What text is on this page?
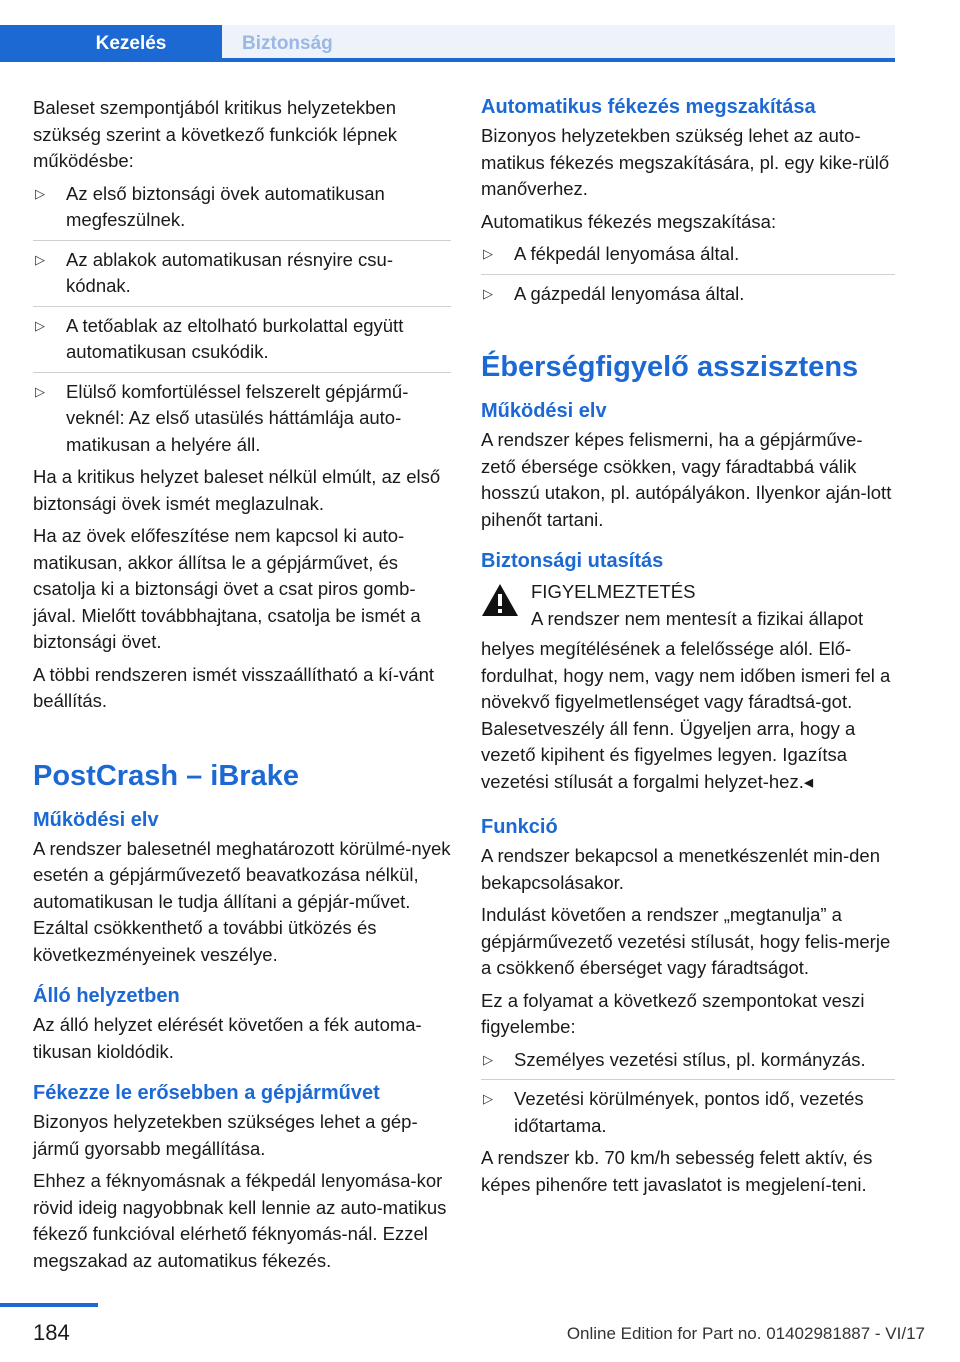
Kezelés	Biztonság

Baleset szempontjából kritikus helyzetekben szükség szerint a következő funkciók lépnek működésbe:

▷ Az első biztonsági övek automatikusan megfeszülnek.
▷ Az ablakok automatikusan résnyire csu‐kódnak.
▷ A tetőablak az eltolható burkolattal együtt automatikusan csukódik.
▷ Elülső komfortüléssel felszerelt gépjármű‐veknél: Az első utasülés háttámlája auto‐matikusan a helyére áll.

Ha a kritikus helyzet baleset nélkül elmúlt, az első biztonsági övek ismét meglazulnak.

Ha az övek előfeszítése nem kapcsol ki auto‐matikusan, akkor állítsa le a gépjárművet, és csatolja ki a biztonsági övet a csat piros gomb‐jával. Mielőtt továbbhajtana, csatolja be ismét a biztonsági övet.

A többi rendszeren ismét visszaállítható a kí‐vánt beállítás.

PostCrash – iBrake
Működési elv

A rendszer balesetnél meghatározott körülmé‐nyek esetén a gépjárművezető beavatkozása nélkül, automatikusan le tudja állítani a gépjár‐művet. Ezáltal csökkenthető a további ütközés és következményeinek veszélye.

Álló helyzetben

Az álló helyzet elérését követően a fék automa‐tikusan kioldódik.

Fékezze le erősebben a gépjárművet

Bizonyos helyzetekben szükséges lehet a gép‐jármű gyorsabb megállítása.

Ehhez a féknyomásnak a fékpedál lenyomása‐kor rövid ideig nagyobbnak kell lennie az auto‐matikus fékező funkcióval elérhető féknyomás‐nál. Ezzel megszakad az automatikus fékezés.

Automatikus fékezés megszakítása

Bizonyos helyzetekben szükség lehet az auto‐matikus fékezés megszakítására, pl. egy kike‐rülő manőverhez.

Automatikus fékezés megszakítása:

▷ A fékpedál lenyomása által.
▷ A gázpedál lenyomása által.
Éberségfigyelő asszisztens
Működési elv

A rendszer képes felismerni, ha a gépjárműve‐zető ébersége csökken, vagy fáradtabbá válik hosszú utakon, pl. autópályákon. Ilyenkor aján‐lott pihenőt tartani.

Biztonsági utasítás
FIGYELMEZTETÉS
A rendszer nem mentesít a fizikai állapot
helyes megítélésének a felelőssége alól. Elő‐fordulhat, hogy nem, vagy nem időben ismeri fel a növekvő figyelmetlenséget vagy fáradtsá‐got. Balesetveszély áll fenn. Ügyeljen arra, hogy a vezető kipihent és figyelmes legyen. Igazítsa vezetési stílusát a forgalmi helyzet‐hez.◂
Funkció

A rendszer bekapcsol a menetkészenlét min‐den bekapcsolásakor.

Indulást követően a rendszer „megtanulja” a gépjárművezető vezetési stílusát, hogy felis‐merje a csökkenő éberséget vagy fáradtságot.

Ez a folyamat a következő szempontokat veszi figyelembe:

▷ Személyes vezetési stílus, pl. kormányzás.
▷ Vezetési körülmények, pontos idő, vezetés időtartama.

A rendszer kb. 70 km/h sebesség felett aktív, és képes pihenőre tett javaslatot is megjelení‐teni.

184	Online Edition for Part no. 01402981887 - VI/17
